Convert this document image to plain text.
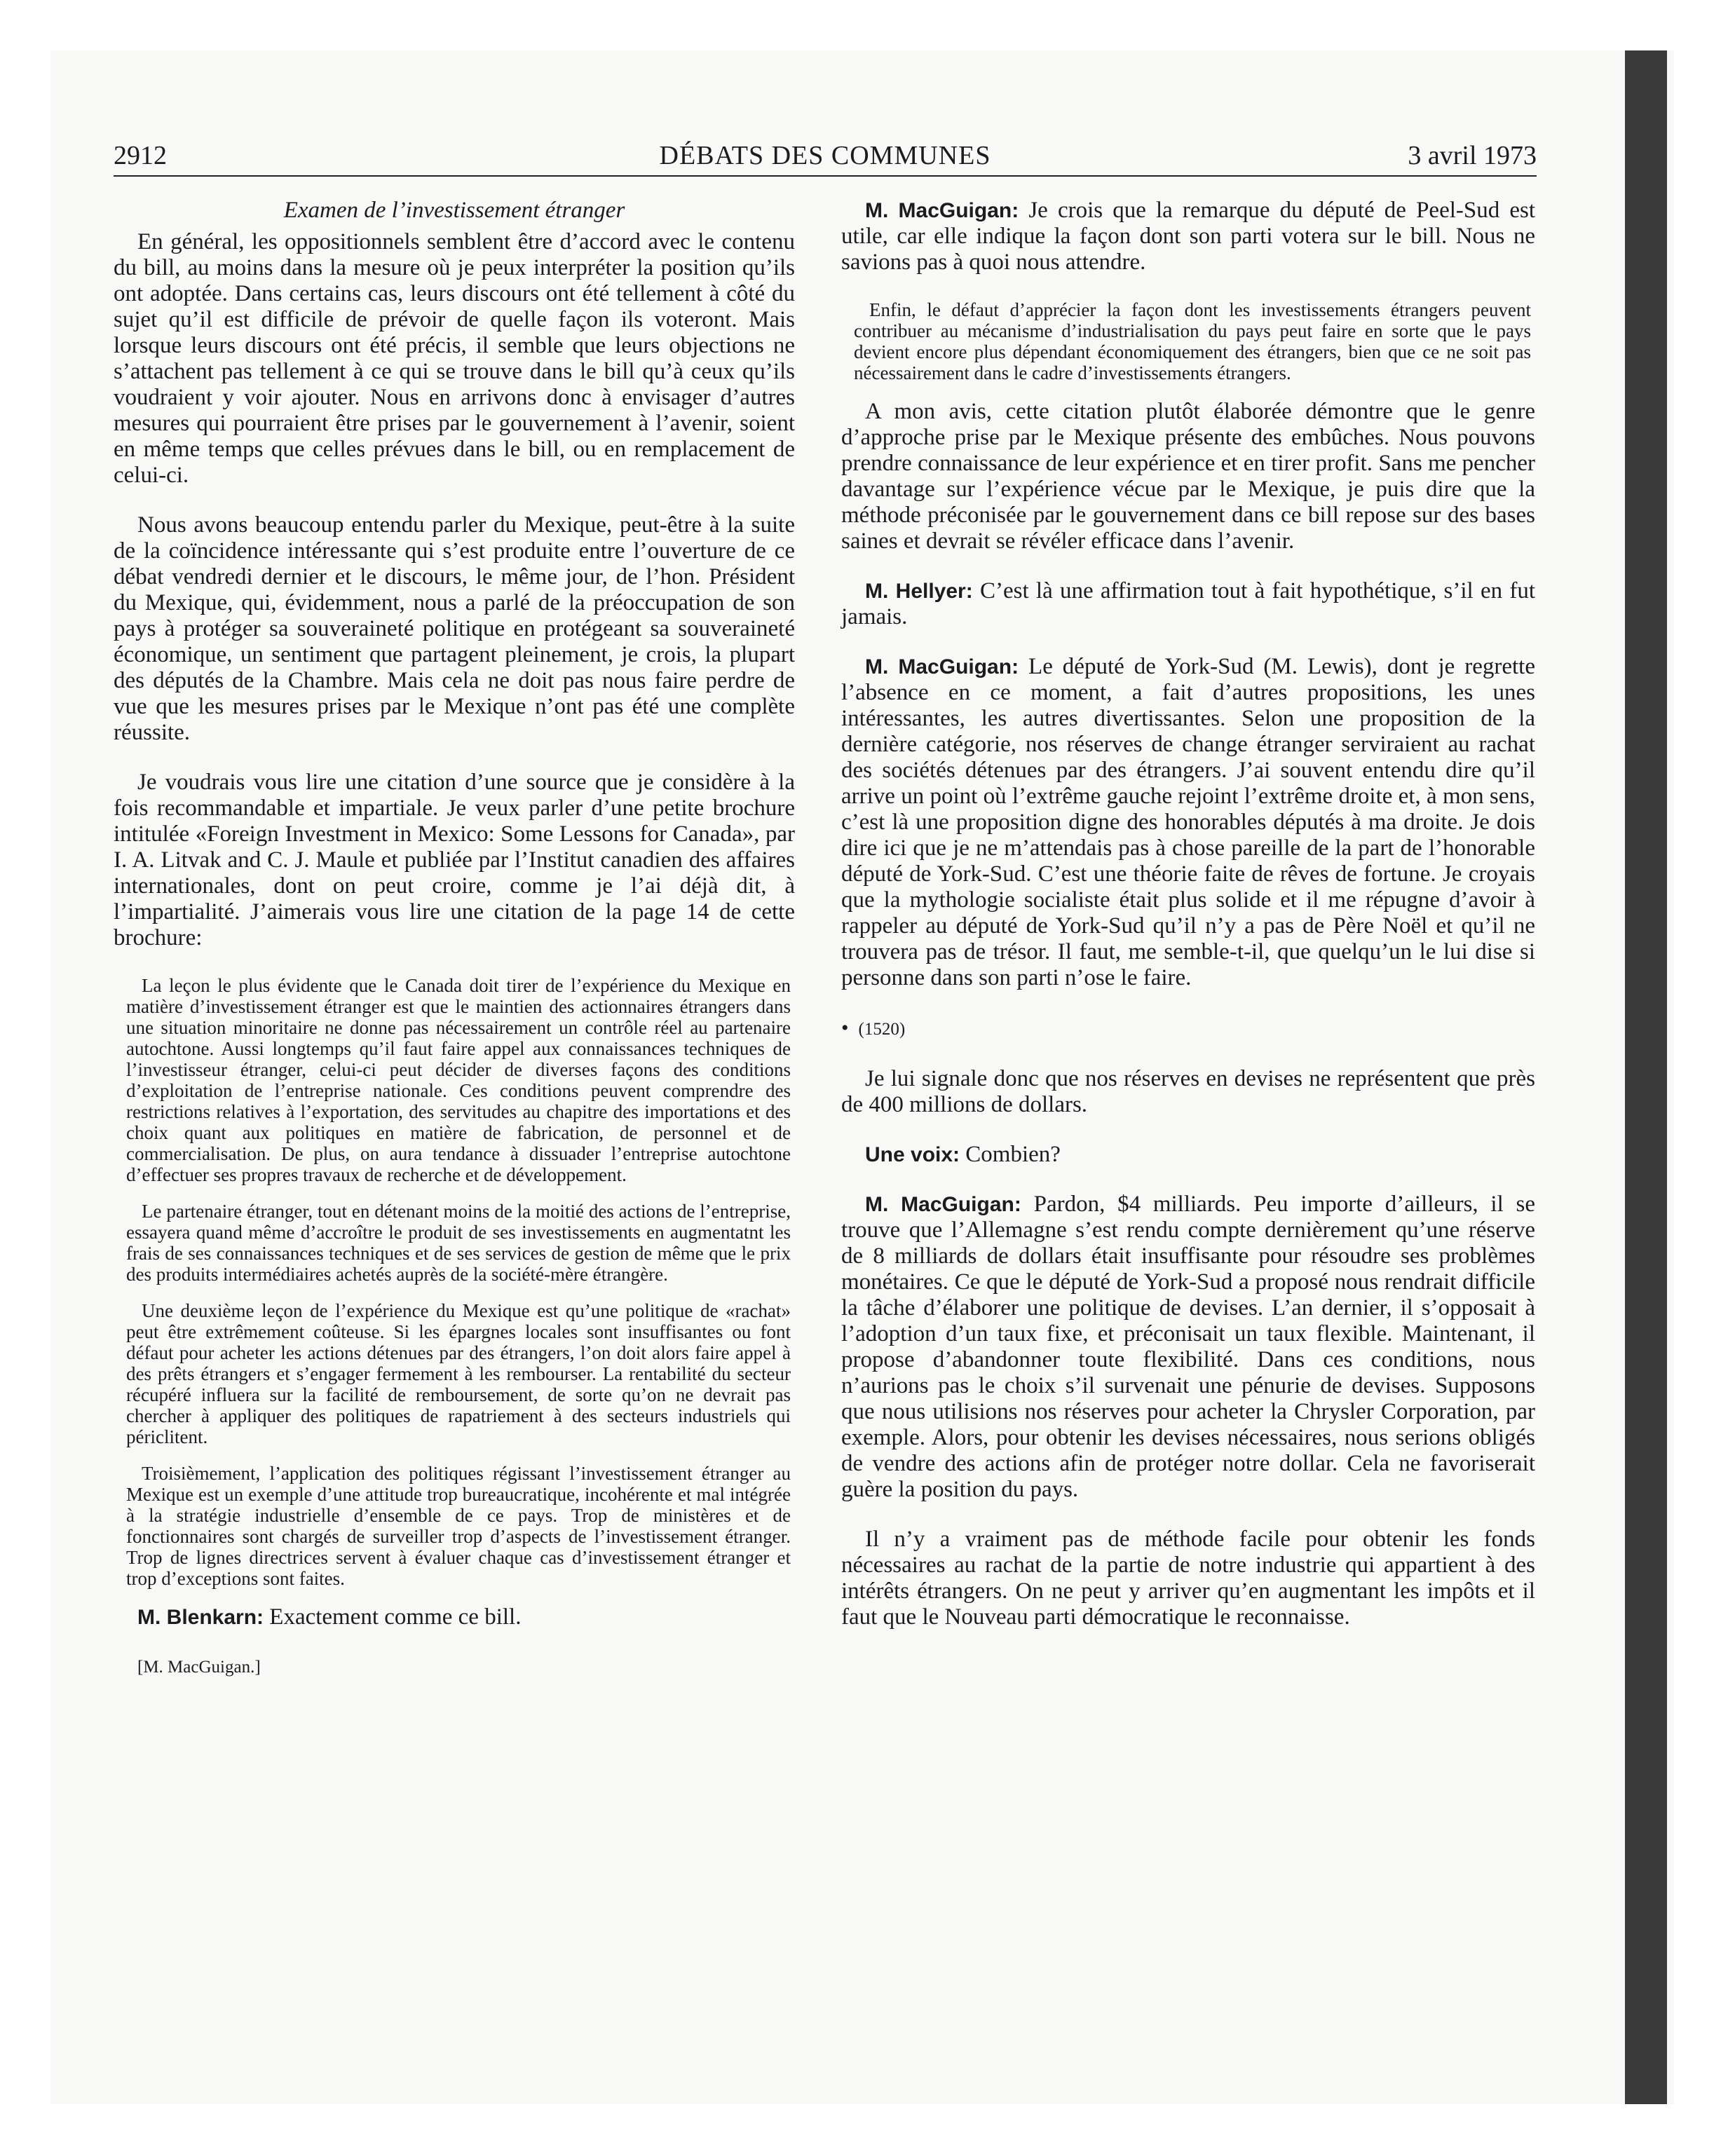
2912	DÉBATS DES COMMUNES	3 avril 1973

Examen de l’investissement étranger

En général, les oppositionnels semblent être d’accord avec le contenu du bill, au moins dans la mesure où je peux interpréter la position qu’ils ont adoptée. Dans certains cas, leurs discours ont été tellement à côté du sujet qu’il est difficile de prévoir de quelle façon ils voteront. Mais lorsque leurs discours ont été précis, il semble que leurs objections ne s’attachent pas tellement à ce qui se trouve dans le bill qu’à ceux qu’ils voudraient y voir ajouter. Nous en arrivons donc à envisager d’autres mesures qui pourraient être prises par le gouvernement à l’avenir, soient en même temps que celles prévues dans le bill, ou en remplacement de celui-ci.

Nous avons beaucoup entendu parler du Mexique, peut-être à la suite de la coïncidence intéressante qui s’est produite entre l’ouverture de ce débat vendredi dernier et le discours, le même jour, de l’hon. Président du Mexique, qui, évidemment, nous a parlé de la préoccupation de son pays à protéger sa souveraineté politique en protégeant sa souveraineté économique, un sentiment que partagent pleinement, je crois, la plupart des députés de la Chambre. Mais cela ne doit pas nous faire perdre de vue que les mesures prises par le Mexique n’ont pas été une complète réussite.

Je voudrais vous lire une citation d’une source que je considère à la fois recommandable et impartiale. Je veux parler d’une petite brochure intitulée «Foreign Investment in Mexico: Some Lessons for Canada», par I. A. Litvak and C. J. Maule et publiée par l’Institut canadien des affaires internationales, dont on peut croire, comme je l’ai déjà dit, à l’impartialité. J’aimerais vous lire une citation de la page 14 de cette brochure:

La leçon le plus évidente que le Canada doit tirer de l’expérience du Mexique en matière d’investissement étranger est que le maintien des actionnaires étrangers dans une situation minoritaire ne donne pas nécessairement un contrôle réel au partenaire autochtone. Aussi longtemps qu’il faut faire appel aux connaissances techniques de l’investisseur étranger, celui-ci peut décider de diverses façons des conditions d’exploitation de l’entreprise nationale. Ces conditions peuvent comprendre des restrictions relatives à l’exportation, des servitudes au chapitre des importations et des choix quant aux politiques en matière de fabrication, de personnel et de commercialisation. De plus, on aura tendance à dissuader l’entreprise autochtone d’effectuer ses propres travaux de recherche et de développement.

Le partenaire étranger, tout en détenant moins de la moitié des actions de l’entreprise, essayera quand même d’accroître le produit de ses investissements en augmentatnt les frais de ses connaissances techniques et de ses services de gestion de même que le prix des produits intermédiaires achetés auprès de la société-mère étrangère.

Une deuxième leçon de l’expérience du Mexique est qu’une politique de «rachat» peut être extrêmement coûteuse. Si les épargnes locales sont insuffisantes ou font défaut pour acheter les actions détenues par des étrangers, l’on doit alors faire appel à des prêts étrangers et s’engager fermement à les rembourser. La rentabilité du secteur récupéré influera sur la facilité de remboursement, de sorte qu’on ne devrait pas chercher à appliquer des politiques de rapatriement à des secteurs industriels qui périclitent.

Troisièmement, l’application des politiques régissant l’investissement étranger au Mexique est un exemple d’une attitude trop bureaucratique, incohérente et mal intégrée à la stratégie industrielle d’ensemble de ce pays. Trop de ministères et de fonctionnaires sont chargés de surveiller trop d’aspects de l’investissement étranger. Trop de lignes directrices servent à évaluer chaque cas d’investissement étranger et trop d’exceptions sont faites.

M. Blenkarn: Exactement comme ce bill.

[M. MacGuigan.]

M. MacGuigan: Je crois que la remarque du député de Peel-Sud est utile, car elle indique la façon dont son parti votera sur le bill. Nous ne savions pas à quoi nous attendre.

Enfin, le défaut d’apprécier la façon dont les investissements étrangers peuvent contribuer au mécanisme d’industrialisation du pays peut faire en sorte que le pays devient encore plus dépendant économiquement des étrangers, bien que ce ne soit pas nécessairement dans le cadre d’investissements étrangers.

A mon avis, cette citation plutôt élaborée démontre que le genre d’approche prise par le Mexique présente des embûches. Nous pouvons prendre connaissance de leur expérience et en tirer profit. Sans me pencher davantage sur l’expérience vécue par le Mexique, je puis dire que la méthode préconisée par le gouvernement dans ce bill repose sur des bases saines et devrait se révéler efficace dans l’avenir.

M. Hellyer: C’est là une affirmation tout à fait hypothétique, s’il en fut jamais.

M. MacGuigan: Le député de York-Sud (M. Lewis), dont je regrette l’absence en ce moment, a fait d’autres propositions, les unes intéressantes, les autres divertissantes. Selon une proposition de la dernière catégorie, nos réserves de change étranger serviraient au rachat des sociétés détenues par des étrangers. J’ai souvent entendu dire qu’il arrive un point où l’extrême gauche rejoint l’extrême droite et, à mon sens, c’est là une proposition digne des honorables députés à ma droite. Je dois dire ici que je ne m’attendais pas à chose pareille de la part de l’honorable député de York-Sud. C’est une théorie faite de rêves de fortune. Je croyais que la mythologie socialiste était plus solide et il me répugne d’avoir à rappeler au député de York-Sud qu’il n’y a pas de Père Noël et qu’il ne trouvera pas de trésor. Il faut, me semble-t-il, que quelqu’un le lui dise si personne dans son parti n’ose le faire.

• (1520)

Je lui signale donc que nos réserves en devises ne représentent que près de 400 millions de dollars.

Une voix: Combien?

M. MacGuigan: Pardon, $4 milliards. Peu importe d’ailleurs, il se trouve que l’Allemagne s’est rendu compte dernièrement qu’une réserve de 8 milliards de dollars était insuffisante pour résoudre ses problèmes monétaires. Ce que le député de York-Sud a proposé nous rendrait difficile la tâche d’élaborer une politique de devises. L’an dernier, il s’opposait à l’adoption d’un taux fixe, et préconisait un taux flexible. Maintenant, il propose d’abandonner toute flexibilité. Dans ces conditions, nous n’aurions pas le choix s’il survenait une pénurie de devises. Supposons que nous utilisions nos réserves pour acheter la Chrysler Corporation, par exemple. Alors, pour obtenir les devises nécessaires, nous serions obligés de vendre des actions afin de protéger notre dollar. Cela ne favoriserait guère la position du pays.

Il n’y a vraiment pas de méthode facile pour obtenir les fonds nécessaires au rachat de la partie de notre industrie qui appartient à des intérêts étrangers. On ne peut y arriver qu’en augmentant les impôts et il faut que le Nouveau parti démocratique le reconnaisse.
